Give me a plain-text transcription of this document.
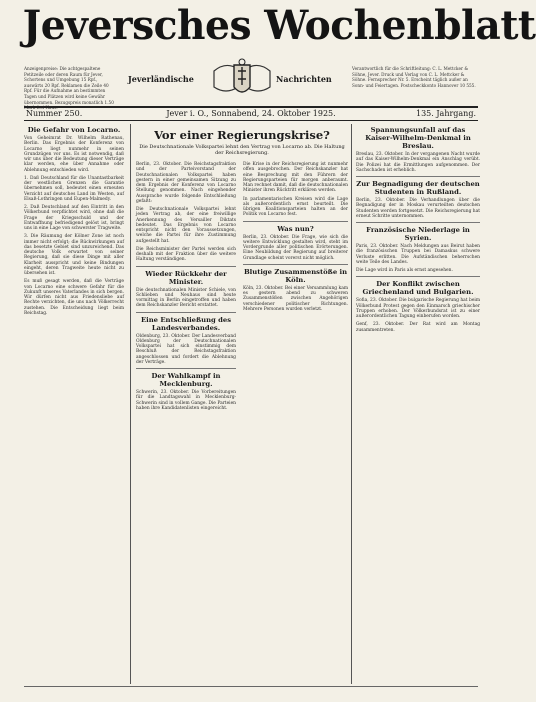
Jeversches Wochenblatt
Anzeigenpreise: Die achtgespaltene Petitzeile oder deren Raum für Jever, Schortens und Umgebung 15 Rpf., auswärts 20 Rpf. Reklamen die Zeile 40 Rpf. Für die Aufnahme an bestimmten Tagen und Plätzen wird keine Gewähr übernommen. Bezugspreis monatlich 1.50 Mark frei Haus.
Jeverländische	Nachrichten
Verantwortlich für die Schriftleitung: C. L. Mettcker & Söhne, Jever. Druck und Verlag von C. L. Mettcker & Söhne. Fernsprecher Nr. 5. Erscheint täglich außer an Sonn- und Feiertagen. Postscheckkonto Hannover 10 555.
Nummer 250.	Jever i. O., Sonnabend, 24. Oktober 1925.	135. Jahrgang.
Vor einer Regierungskrise?
Die Deutschnationale Volkspartei lehnt den Vertrag von Locarno ab. Die Haltung der Reichsregierung.
Die Gefahr von Locarno.

Von Geheimrat Dr. Wilhelm Rathenau, Berlin. Das Ergebnis der Konferenz von Locarno liegt nunmehr in seinen Grundzügen vor uns. Es ist notwendig, daß wir uns über die Bedeutung dieser Verträge klar werden, ehe über Annahme oder Ablehnung entschieden wird.

1. Daß Deutschland für die Unantastbarkeit der westlichen Grenzen die Garantie übernehmen soll, bedeutet einen erneuten Verzicht auf deutsches Land im Westen, auf Elsaß-Lothringen und Eupen-Malmedy.

2. Daß Deutschland auf den Eintritt in den Völkerbund verpflichtet wird, ohne daß die Frage der Kriegsschuld und der Entwaffnung befriedigend gelöst ist, bringt uns in eine Lage von schwerster Tragweite.

3. Die Räumung der Kölner Zone ist noch immer nicht erfolgt; die Rückwirkungen auf das besetzte Gebiet sind unzureichend. Das deutsche Volk erwartet von seiner Regierung, daß sie diese Dinge mit aller Klarheit ausspricht und keine Bindungen eingeht, deren Tragweite heute nicht zu übersehen ist.

Es muß gesagt werden, daß die Verträge von Locarno eine schwere Gefahr für die Zukunft unseres Vaterlandes in sich bergen. Wir dürfen nicht aus Friedensliebe auf Rechte verzichten, die uns nach Völkerrecht zustehen. Die Entscheidung liegt beim Reichstag.

Berlin, 23. Oktober. Die Reichstagsfraktion und der Parteivorstand der Deutschnationalen Volkspartei haben gestern in einer gemeinsamen Sitzung zu dem Ergebnis der Konferenz von Locarno Stellung genommen. Nach eingehender Aussprache wurde folgende Entschließung gefaßt:

Die Deutschnationale Volkspartei lehnt jeden Vertrag ab, der eine freiwillige Anerkennung des Versailler Diktats bedeutet. Das Ergebnis von Locarno entspricht nicht den Voraussetzungen, welche die Partei für ihre Zustimmung aufgestellt hat.

Die Reichsminister der Partei werden sich deshalb mit der Fraktion über die weitere Haltung verständigen.

Wieder Rückkehr der Minister.

Die deutschnationalen Minister Schiele, von Schlieben und Neuhaus sind heute vormittag in Berlin eingetroffen und haben dem Reichskanzler Bericht erstattet.

Eine Entschließung des Landesverbandes.

Oldenburg, 23. Oktober. Der Landesverband Oldenburg der Deutschnationalen Volkspartei hat sich einstimmig dem Beschluß der Reichstagsfraktion angeschlossen und fordert die Ablehnung der Verträge.

Der Wahlkampf in Mecklenburg.

Schwerin, 23. Oktober. Die Vorbereitungen für die Landtagswahl in Mecklenburg-Schwerin sind in vollem Gange. Die Parteien haben ihre Kandidatenlisten eingereicht.

Die Krise in der Reichsregierung ist nunmehr offen ausgebrochen. Der Reichskanzler hat eine Besprechung mit den Führern der Regierungsparteien für morgen anberaumt. Man rechnet damit, daß die deutschnationalen Minister ihren Rücktritt erklären werden.

In parlamentarischen Kreisen wird die Lage als außerordentlich ernst beurteilt. Die übrigen Koalitionsparteien halten an der Politik von Locarno fest.

Was nun?

Berlin, 23. Oktober. Die Frage, wie sich die weitere Entwicklung gestalten wird, steht im Vordergrunde aller politischen Erörterungen. Eine Neubildung der Regierung auf breiterer Grundlage scheint vorerst nicht möglich.

Blutige Zusammenstöße in Köln.

Köln, 23. Oktober. Bei einer Versammlung kam es gestern abend zu schweren Zusammenstößen zwischen Angehörigen verschiedener politischer Richtungen. Mehrere Personen wurden verletzt.

Spannungsunfall auf das Kaiser-Wilhelm-Denkmal in Breslau.

Breslau, 23. Oktober. In der vergangenen Nacht wurde auf das Kaiser-Wilhelm-Denkmal ein Anschlag verübt. Die Polizei hat die Ermittlungen aufgenommen. Der Sachschaden ist erheblich.

Zur Begnadigung der deutschen Studenten in Rußland.

Berlin, 23. Oktober. Die Verhandlungen über die Begnadigung der in Moskau verurteilten deutschen Studenten werden fortgesetzt. Die Reichsregierung hat erneut Schritte unternommen.

Französische Niederlage in Syrien.

Paris, 23. Oktober. Nach Meldungen aus Beirut haben die französischen Truppen bei Damaskus schwere Verluste erlitten. Die Aufständischen beherrschen weite Teile des Landes.

Die Lage wird in Paris als ernst angesehen.

Der Konflikt zwischen Griechenland und Bulgarien.

Sofia, 23. Oktober. Die bulgarische Regierung hat beim Völkerbund Protest gegen den Einmarsch griechischer Truppen erhoben. Der Völkerbundsrat ist zu einer außerordentlichen Tagung einberufen worden.

Genf, 23. Oktober. Der Rat wird am Montag zusammentreten.
